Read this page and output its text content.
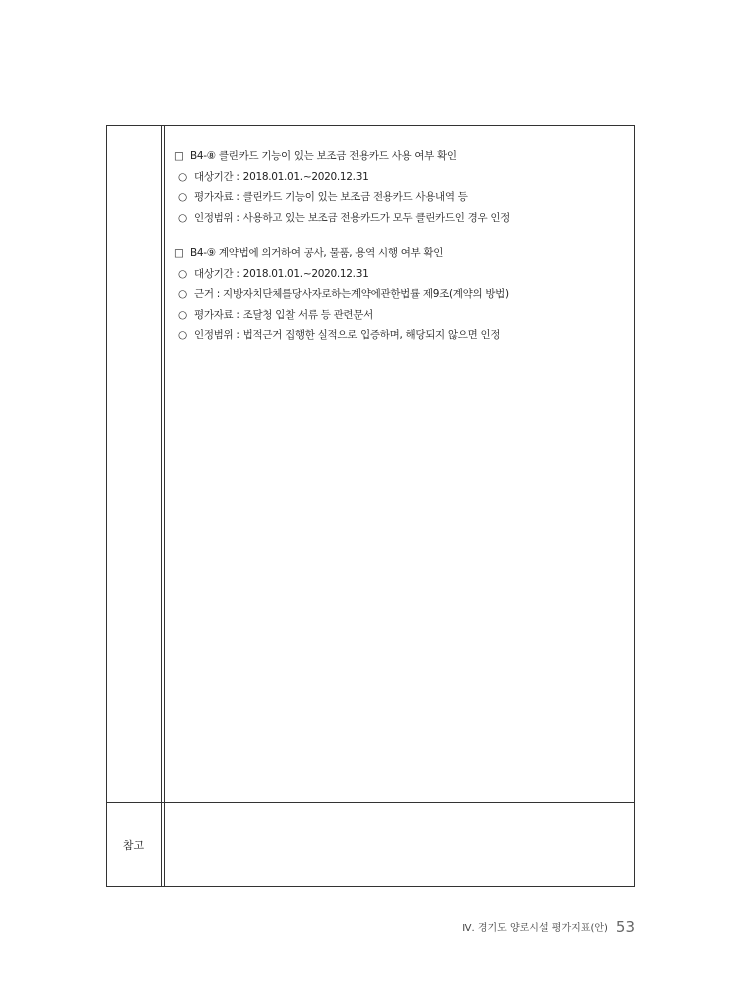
□ B4-⑧ 클린카드 기능이 있는 보조금 전용카드 사용 여부 확인
○ 대상기간 : 2018.01.01.~2020.12.31
○ 평가자료 : 클린카드 기능이 있는 보조금 전용카드 사용내역 등
○ 인정범위 : 사용하고 있는 보조금 전용카드가 모두 클린카드인 경우 인정
□ B4-⑨ 계약법에 의거하여 공사, 물품, 용역 시행 여부 확인
○ 대상기간 : 2018.01.01.~2020.12.31
○ 근거 : 지방자치단체를당사자로하는계약에관한법률 제9조(계약의 방법)
○ 평가자료 : 조달청 입찰 서류 등 관련문서
○ 인정범위 : 법적근거 집행한 실적으로 입증하며, 해당되지 않으면 인정
참고
Ⅳ. 경기도 양로시설 평가지표(안) 53
